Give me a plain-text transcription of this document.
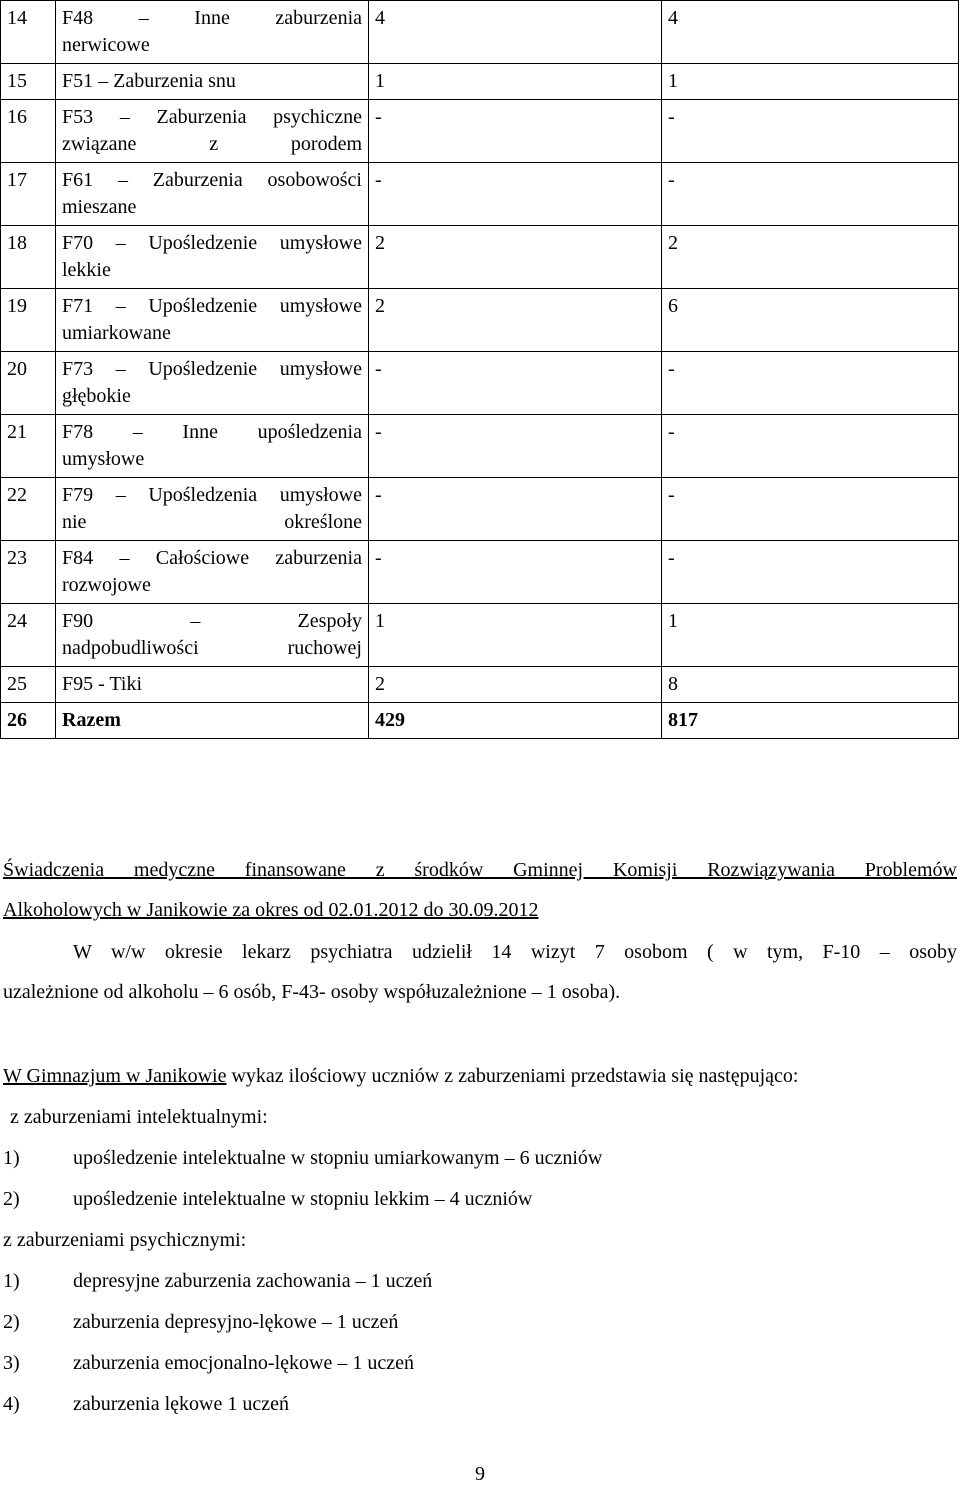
14	F48 – Inne zaburzenia
nerwicowe	4	4
15	F51 – Zaburzenia snu	1	1
16	F53 – Zaburzenia psychiczne
związane z porodem	-	-
17	F61 – Zaburzenia osobowości
mieszane	-	-
18	F70 – Upośledzenie umysłowe
lekkie	2	2
19	F71 – Upośledzenie umysłowe
umiarkowane	2	6
20	F73 – Upośledzenie umysłowe
głębokie	-	-
21	F78 – Inne upośledzenia
umysłowe	-	-
22	F79 – Upośledzenia umysłowe
nie określone	-	-
23	F84 – Całościowe zaburzenia
rozwojowe	-	-
24	F90 – Zespoły
nadpobudliwości ruchowej	1	1
25	F95 - Tiki	2	8
26	Razem	429	817
Świadczenia medyczne finansowane z środków Gminnej Komisji Rozwiązywania Problemów
Alkoholowych w Janikowie za okres od 02.01.2012 do 30.09.2012
W w/w okresie lekarz psychiatra udzielił 14 wizyt 7 osobom ( w tym, F-10 – osoby
uzależnione od alkoholu – 6 osób, F-43- osoby współuzależnione – 1 osoba).
W Gimnazjum w Janikowie wykaz ilościowy uczniów z zaburzeniami przedstawia się następująco:
z zaburzeniami intelektualnymi:
1)	upośledzenie intelektualne w stopniu umiarkowanym – 6 uczniów
2)	upośledzenie intelektualne w stopniu lekkim – 4 uczniów
z zaburzeniami psychicznymi:
1)	depresyjne zaburzenia zachowania – 1 uczeń
2)	zaburzenia depresyjno-lękowe – 1 uczeń
3)	zaburzenia emocjonalno-lękowe – 1 uczeń
4)	zaburzenia lękowe 1 uczeń
9
